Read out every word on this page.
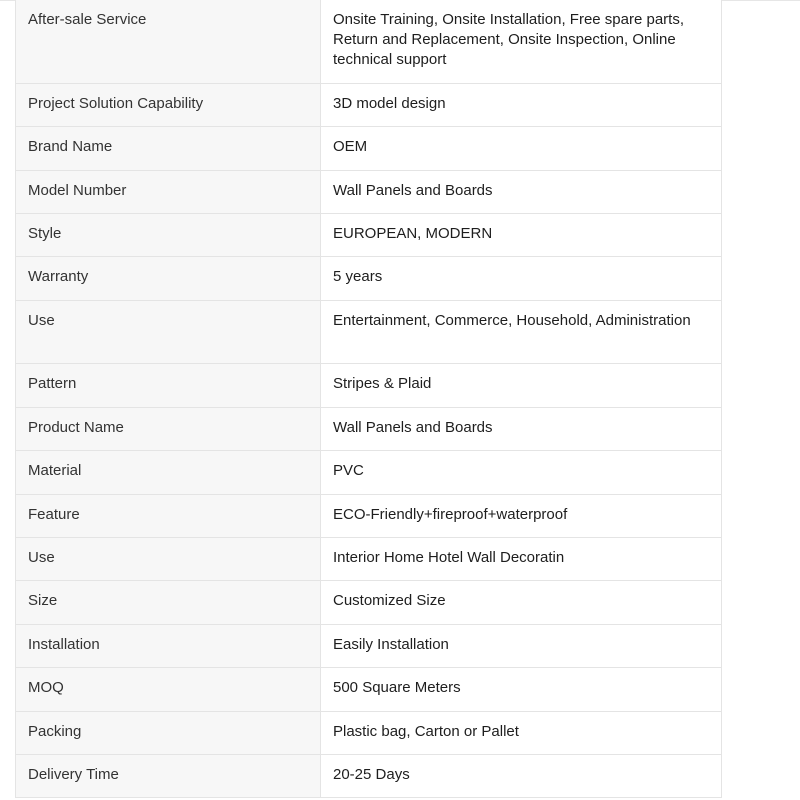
After-sale Service	Onsite Training, Onsite Installation, Free spare parts, Return and Replacement, Onsite Inspection, Online technical support
Project Solution Capability	3D model design
Brand Name	OEM
Model Number	Wall Panels and Boards
Style	EUROPEAN, MODERN
Warranty	5 years
Use	Entertainment, Commerce, Household, Administration
Pattern	Stripes & Plaid
Product Name	Wall Panels and Boards
Material	PVC
Feature	ECO-Friendly+fireproof+waterproof
Use	Interior Home Hotel Wall Decoratin
Size	Customized Size
Installation	Easily Installation
MOQ	500 Square Meters
Packing	Plastic bag, Carton or Pallet
Delivery Time	20-25 Days
